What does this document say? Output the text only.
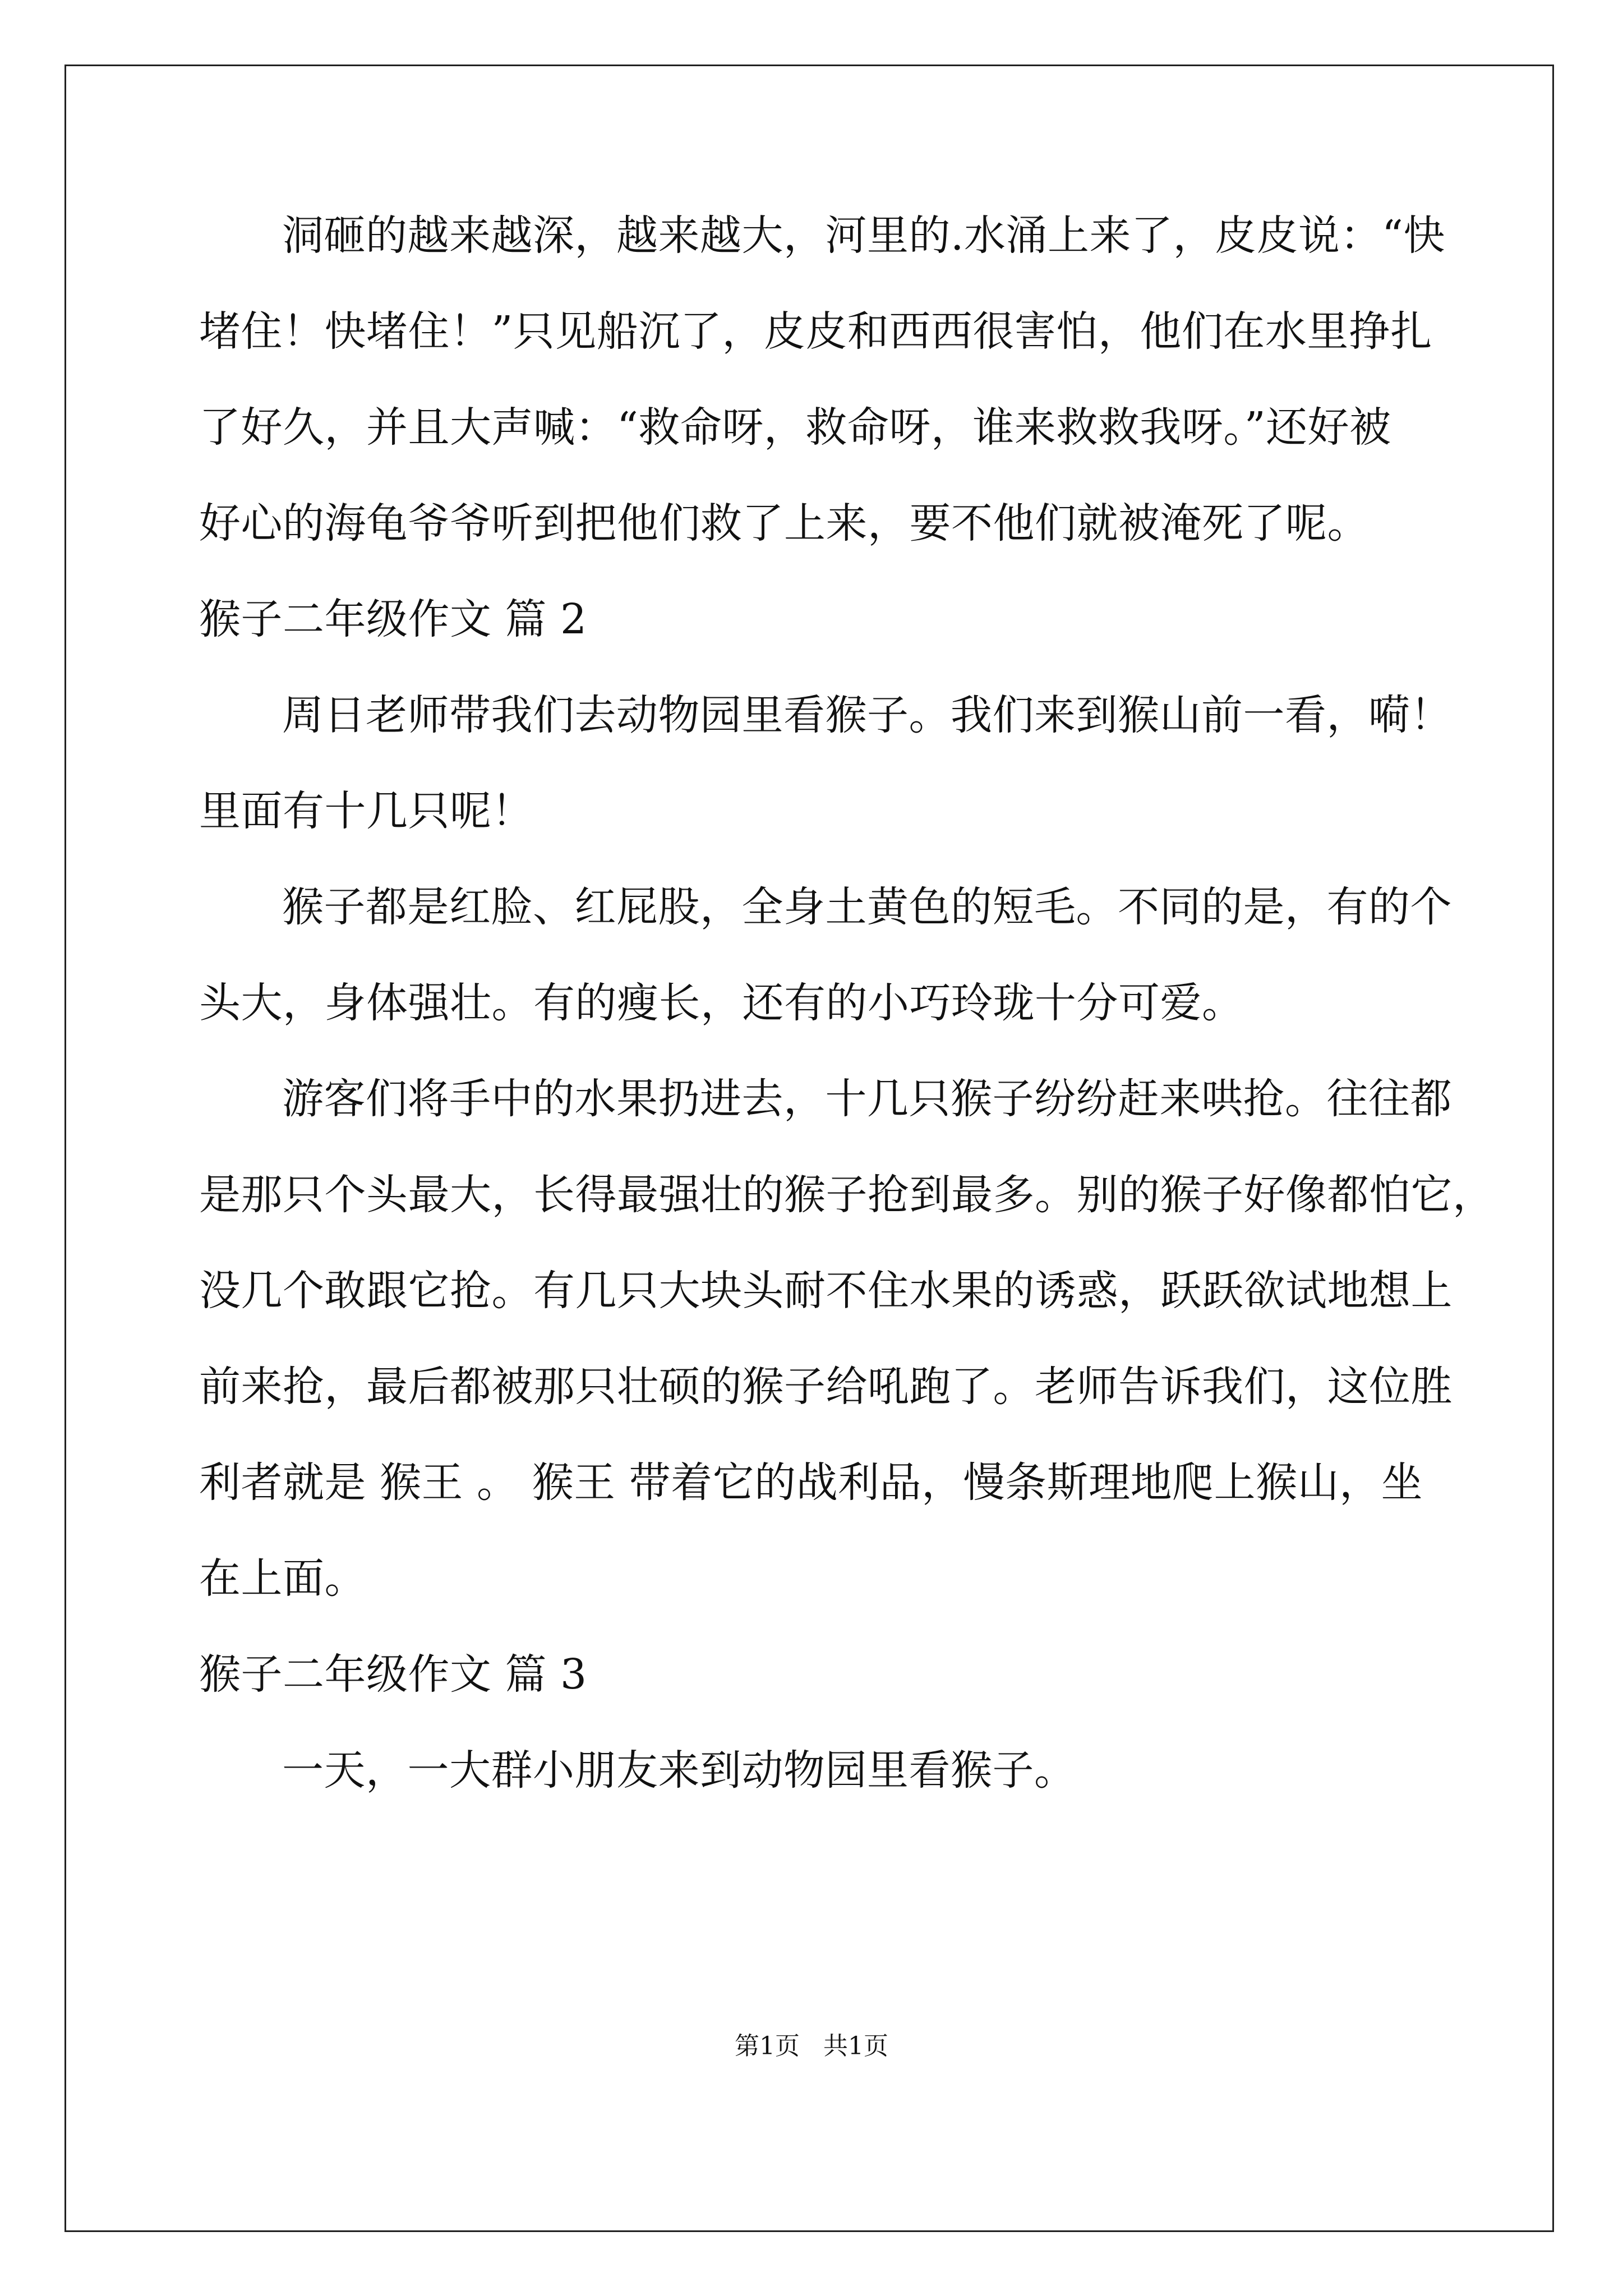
洞砸的越来越深，越来越大，河里的.水涌上来了，皮皮说：“快
堵住！快堵住！”只见船沉了，皮皮和西西很害怕，他们在水里挣扎
了好久，并且大声喊：“救命呀，救命呀，谁来救救我呀。”还好被
好心的海龟爷爷听到把他们救了上来，要不他们就被淹死了呢。
猴子二年级作文 篇 2
周日老师带我们去动物园里看猴子。我们来到猴山前一看，嗬！
里面有十几只呢！
猴子都是红脸、红屁股，全身土黄色的短毛。不同的是，有的个
头大，身体强壮。有的瘦长，还有的小巧玲珑十分可爱。
游客们将手中的水果扔进去，十几只猴子纷纷赶来哄抢。往往都
是那只个头最大，长得最强壮的猴子抢到最多。别的猴子好像都怕它，
没几个敢跟它抢。有几只大块头耐不住水果的诱惑，跃跃欲试地想上
前来抢，最后都被那只壮硕的猴子给吼跑了。老师告诉我们，这位胜
利者就是 猴王 。 猴王 带着它的战利品，慢条斯理地爬上猴山，坐
在上面。
猴子二年级作文 篇 3
一天，一大群小朋友来到动物园里看猴子。
第1页   共1页
